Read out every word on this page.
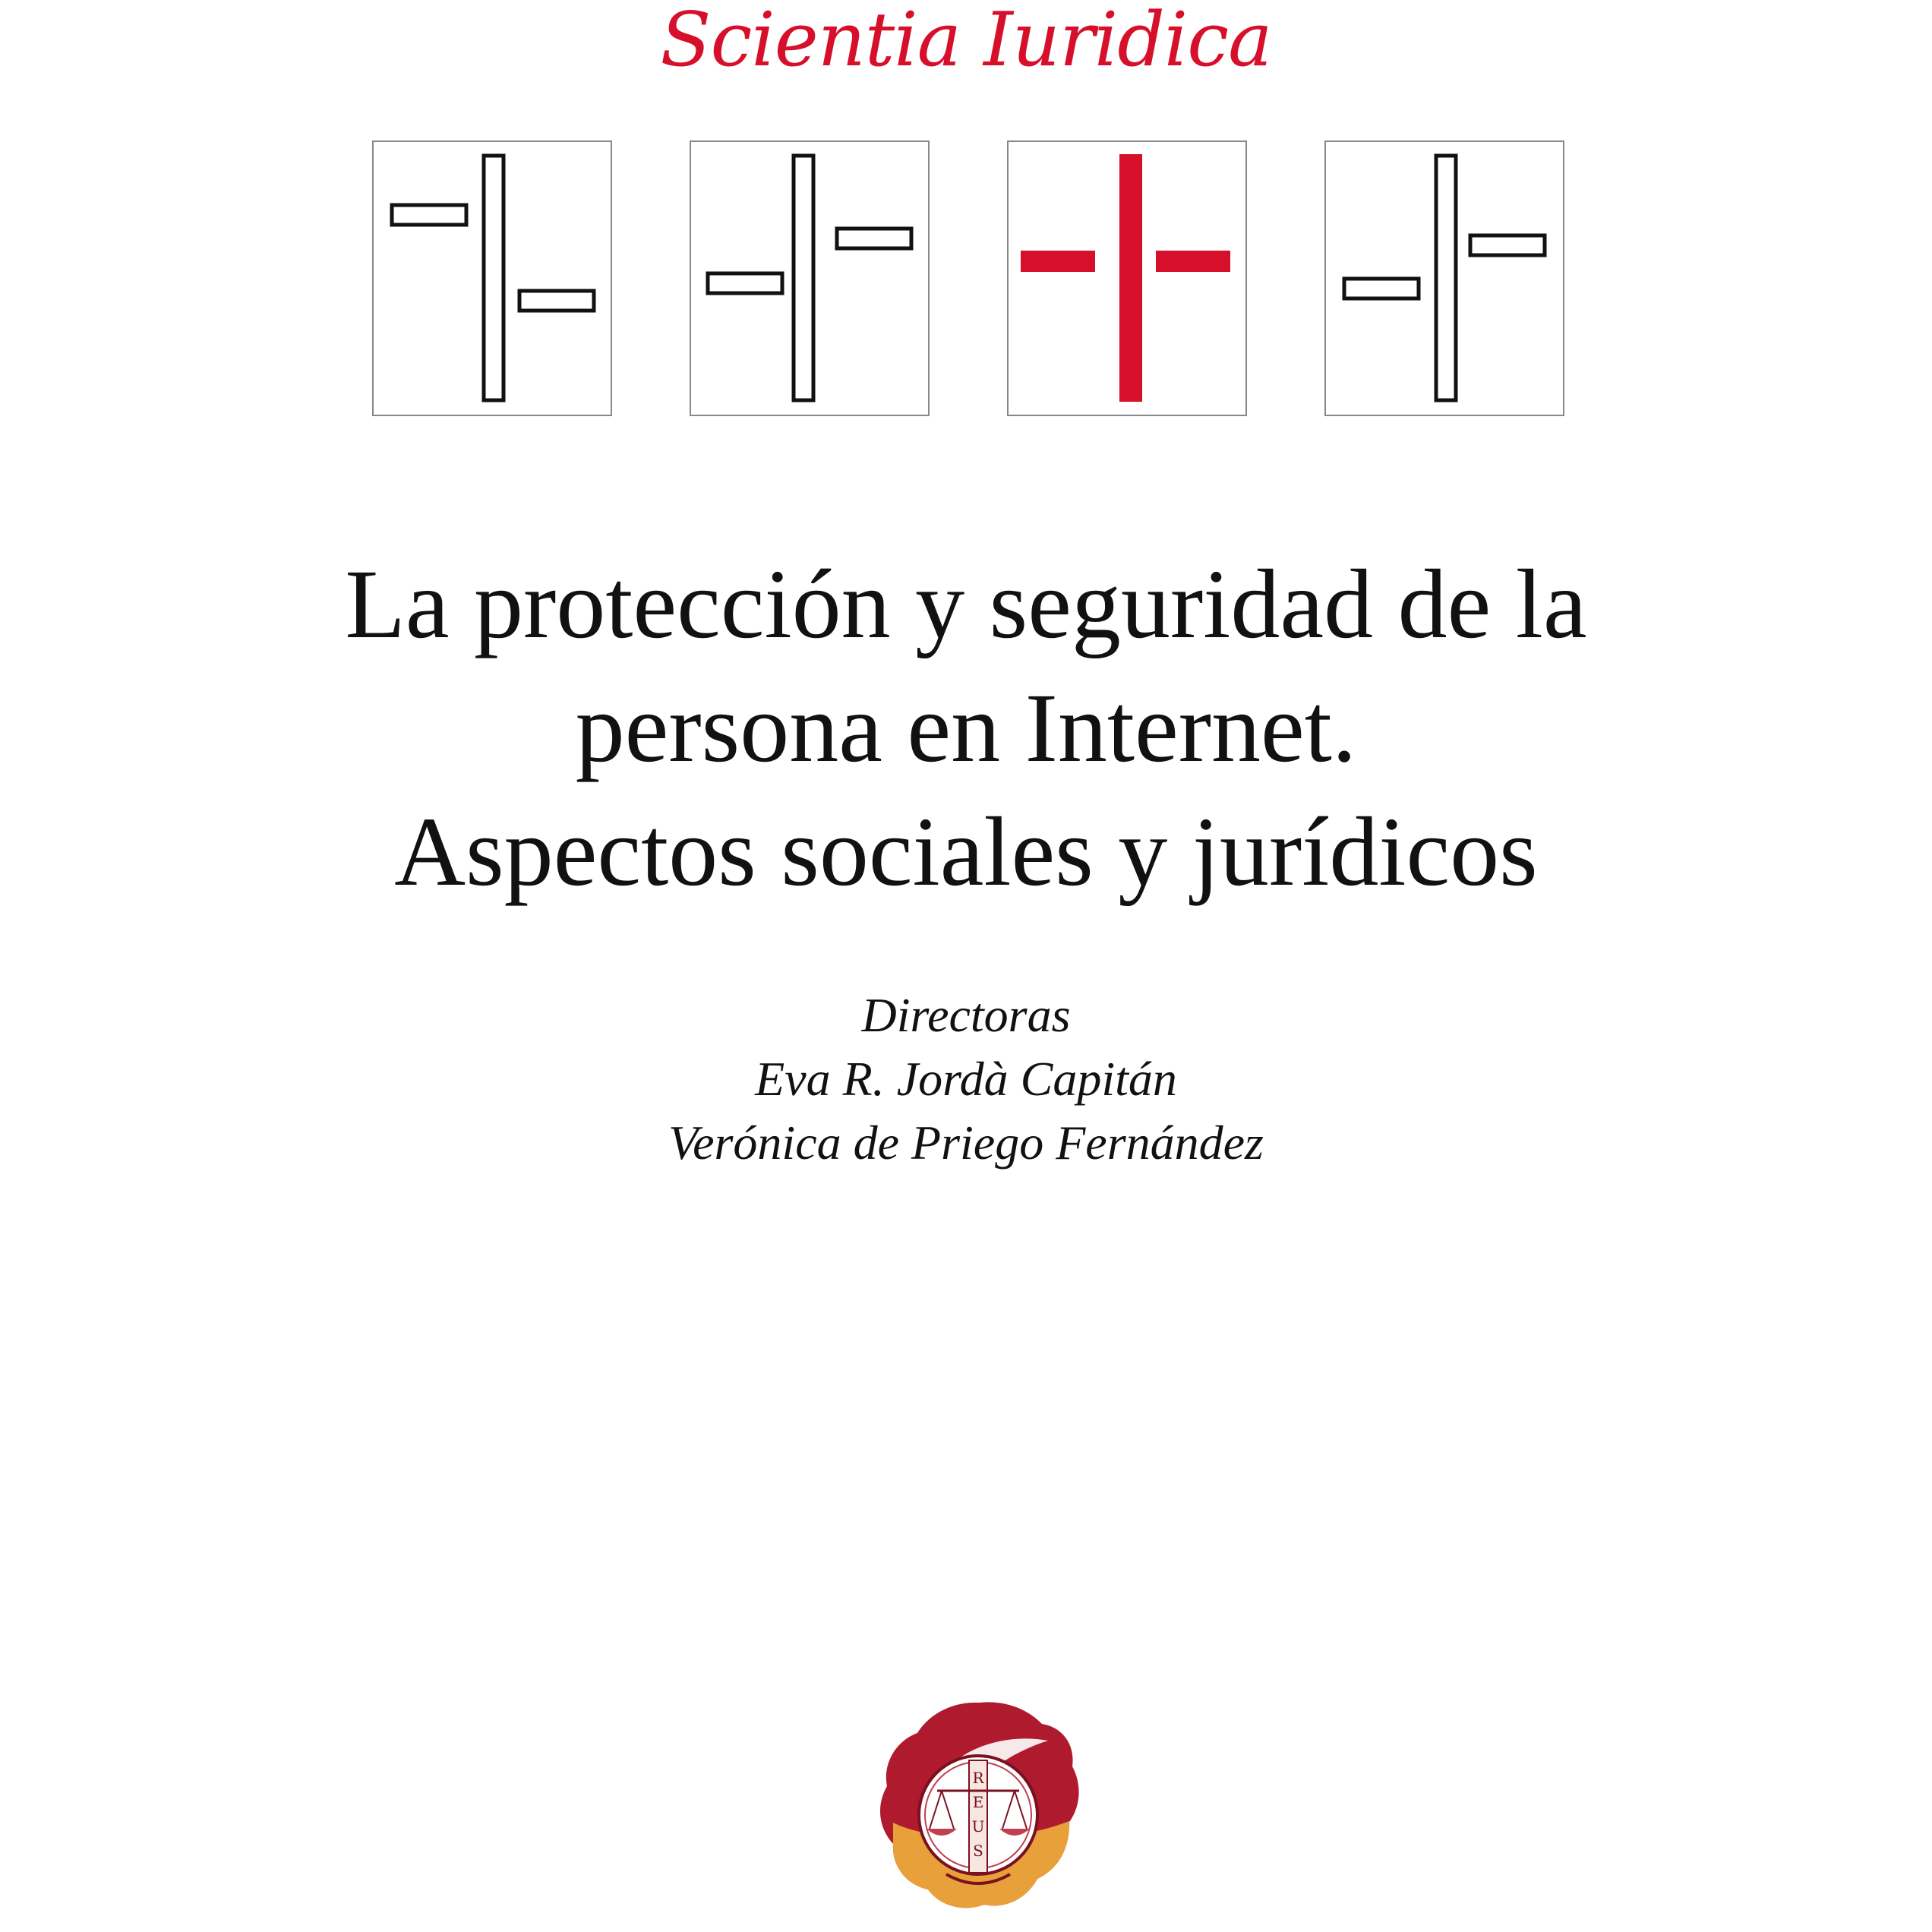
Scientia Iuridica
La protección y seguridad de la
persona en Internet.
Aspectos sociales y jurídicos
Directoras
Eva R. Jordà Capitán
Verónica de Priego Fernández
R
E
U
S
